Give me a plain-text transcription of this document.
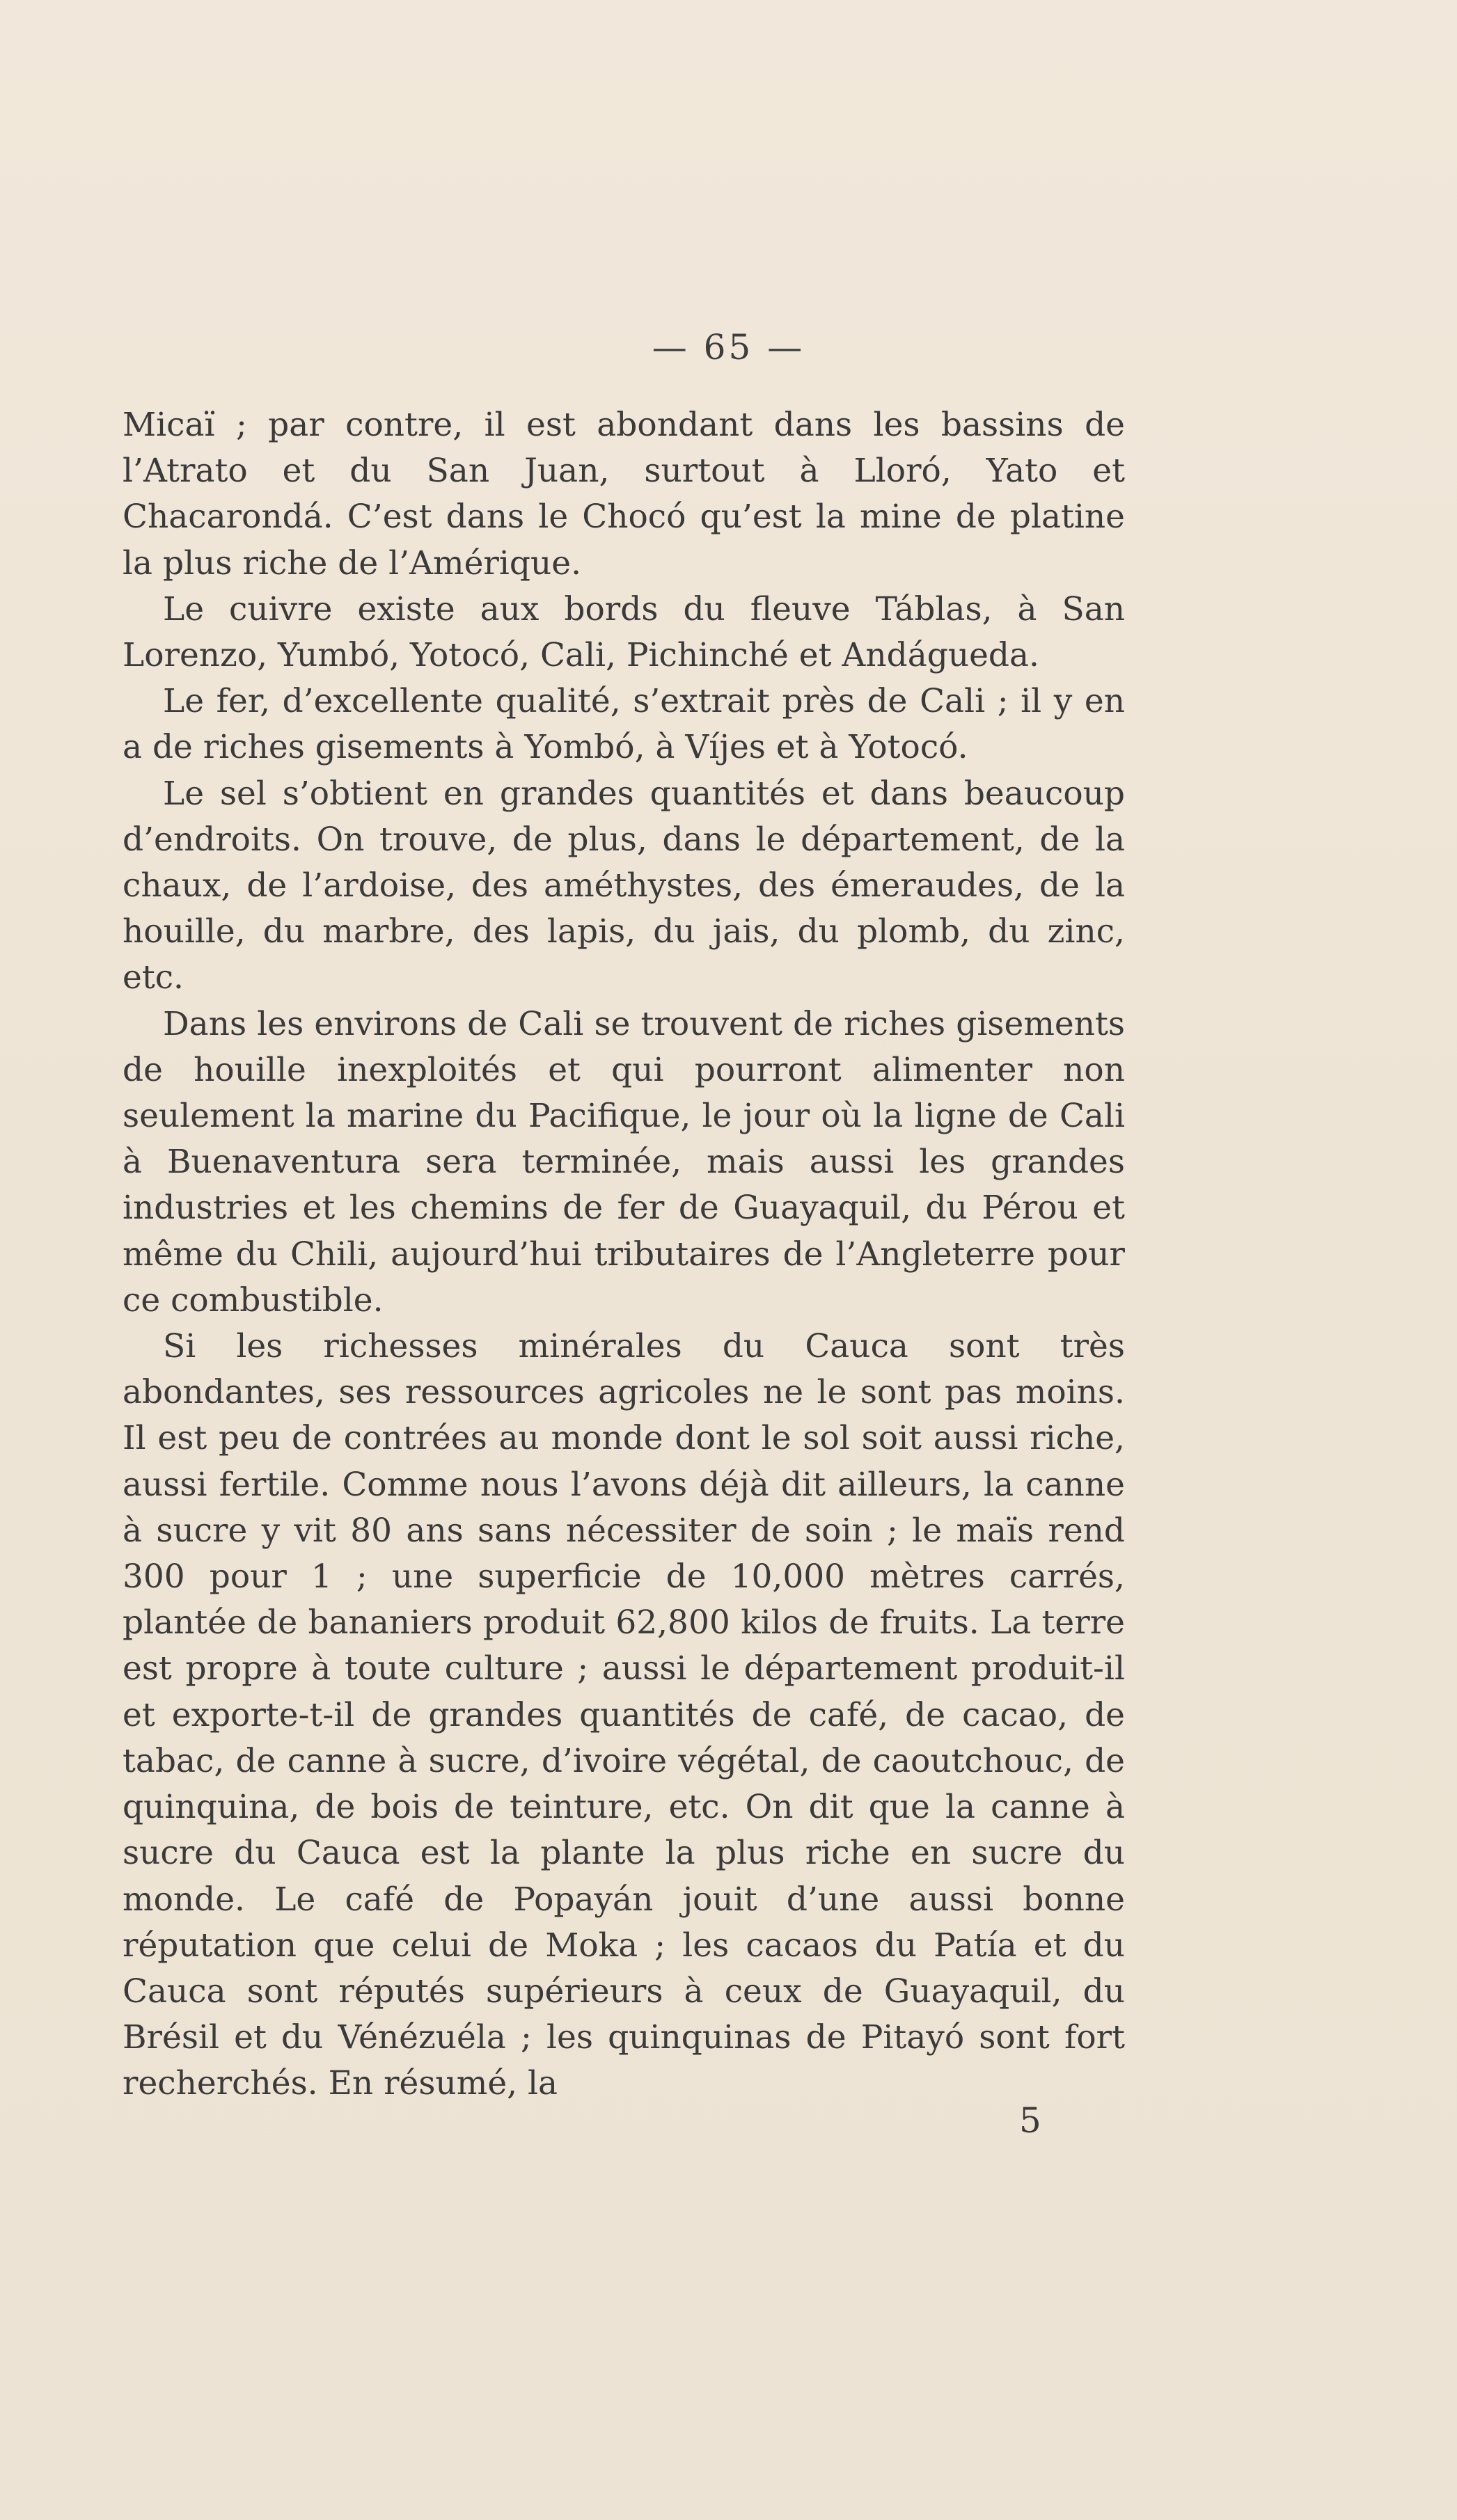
— 65 —

Micaï ; par contre, il est abondant dans les bassins de l’Atrato et du San Juan, surtout à Lloró, Yato et Chacarondá. C’est dans le Chocó qu’est la mine de platine la plus riche de l’Amérique.

Le cuivre existe aux bords du fleuve Táblas, à San Lorenzo, Yumbó, Yotocó, Cali, Pichinché et Andágueda.

Le fer, d’excellente qualité, s’extrait près de Cali ; il y en a de riches gisements à Yombó, à Víjes et à Yotocó.

Le sel s’obtient en grandes quantités et dans beaucoup d’endroits. On trouve, de plus, dans le département, de la chaux, de l’ardoise, des améthystes, des émeraudes, de la houille, du marbre, des lapis, du jais, du plomb, du zinc, etc.

Dans les environs de Cali se trouvent de riches gisements de houille inexploités et qui pourront alimenter non seulement la marine du Pacifique, le jour où la ligne de Cali à Buenaventura sera terminée, mais aussi les grandes industries et les chemins de fer de Guayaquil, du Pérou et même du Chili, aujourd’hui tributaires de l’Angleterre pour ce combustible.

Si les richesses minérales du Cauca sont très abondantes, ses ressources agricoles ne le sont pas moins. Il est peu de contrées au monde dont le sol soit aussi riche, aussi fertile. Comme nous l’avons déjà dit ailleurs, la canne à sucre y vit 80 ans sans nécessiter de soin ; le maïs rend 300 pour 1 ; une superficie de 10,000 mètres carrés, plantée de bananiers produit 62,800 kilos de fruits. La terre est propre à toute culture ; aussi le département produit-il et exporte-t-il de grandes quantités de café, de cacao, de tabac, de canne à sucre, d’ivoire végétal, de caoutchouc, de quinquina, de bois de teinture, etc. On dit que la canne à sucre du Cauca est la plante la plus riche en sucre du monde. Le café de Popayán jouit d’une aussi bonne réputation que celui de Moka ; les cacaos du Patía et du Cauca sont réputés supérieurs à ceux de Guayaquil, du Brésil et du Vénézuéla ; les quinquinas de Pitayó sont fort recherchés. En résumé, la

5
